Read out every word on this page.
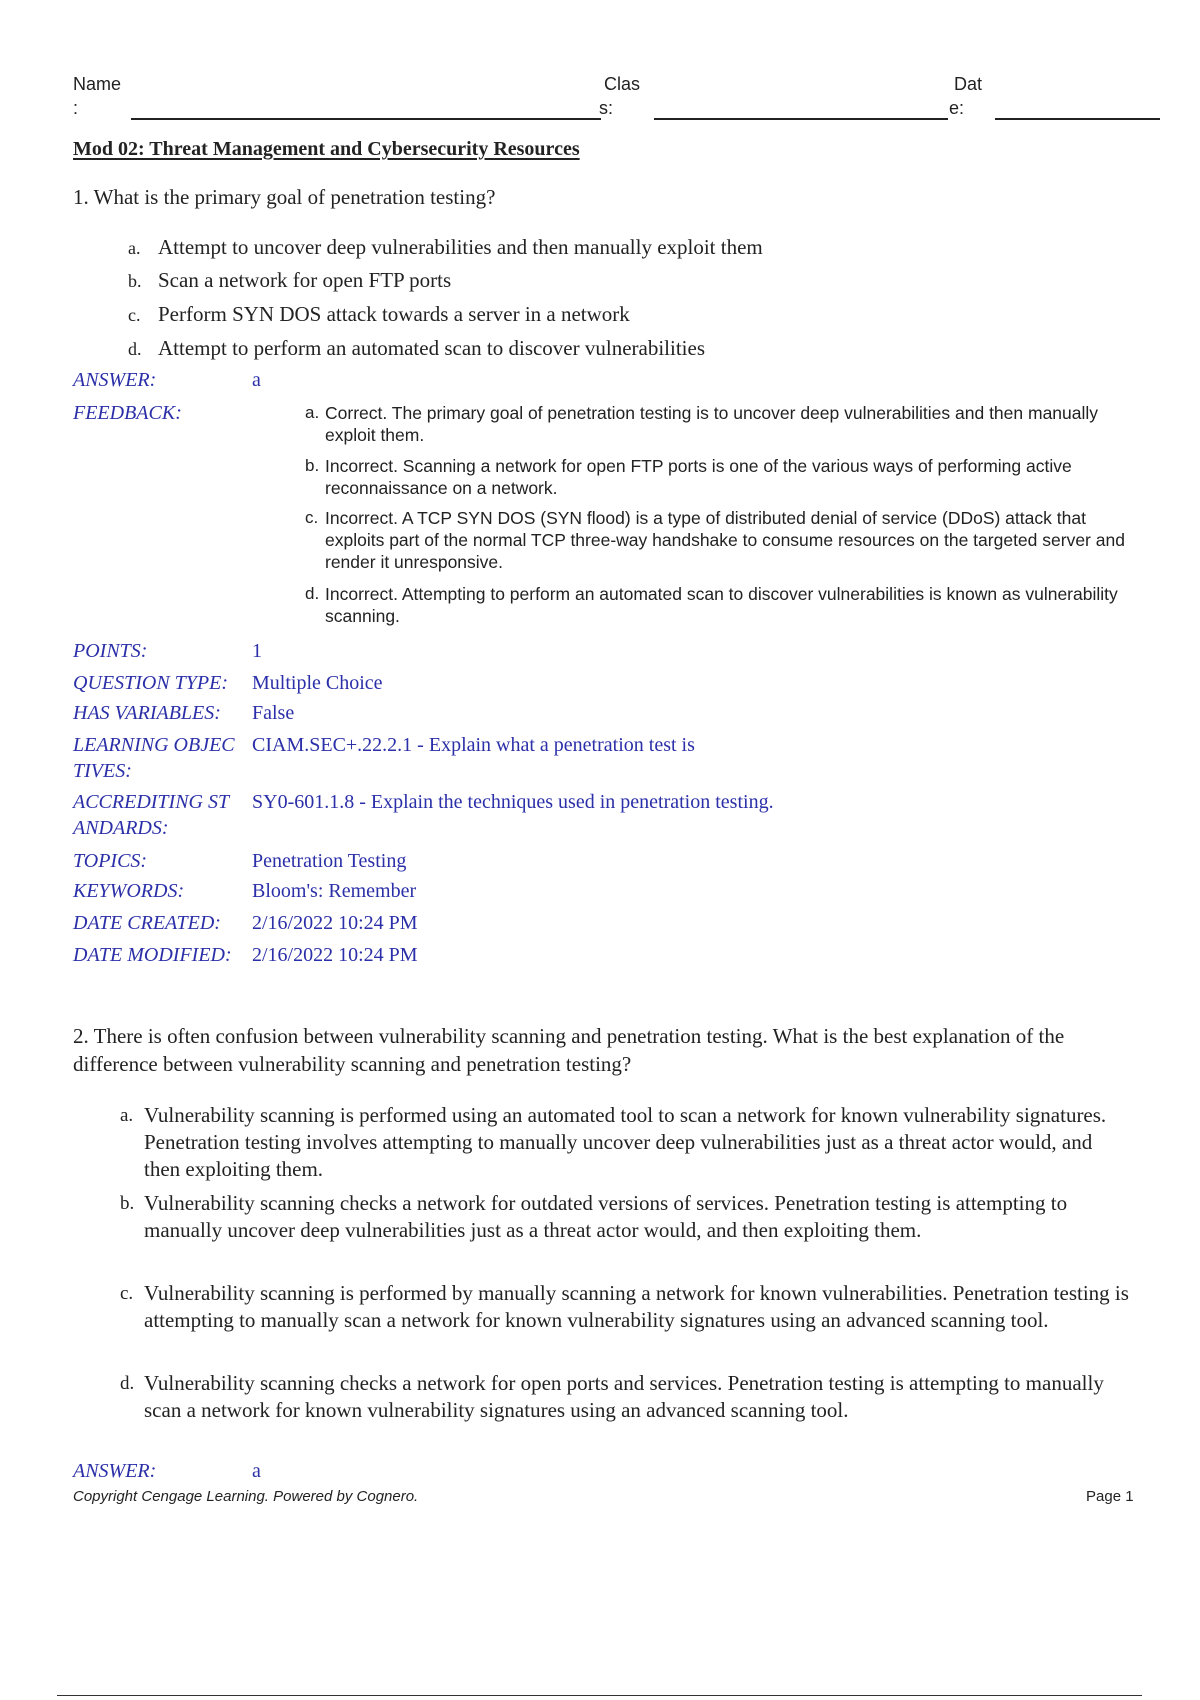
Name
:
Clas
s:
Dat
e:
Mod 02: Threat Management and Cybersecurity Resources
1. What is the primary goal of penetration testing?
a. Attempt to uncover deep vulnerabilities and then manually exploit them
b. Scan a network for open FTP ports
c. Perform SYN DOS attack towards a server in a network
d. Attempt to perform an automated scan to discover vulnerabilities
ANSWER:	a
FEEDBACK:	a. Correct. The primary goal of penetration testing is to uncover deep vulnerabilities and then manually exploit them.
b. Incorrect. Scanning a network for open FTP ports is one of the various ways of performing active reconnaissance on a network.
c. Incorrect. A TCP SYN DOS (SYN flood) is a type of distributed denial of service (DDoS) attack that exploits part of the normal TCP three-way handshake to consume resources on the targeted server and render it unresponsive.
d. Incorrect. Attempting to perform an automated scan to discover vulnerabilities is known as vulnerability scanning.
POINTS:	1
QUESTION TYPE: Multiple Choice
HAS VARIABLES: False
LEARNING OBJEC
TIVES:
CIAM.SEC+.22.2.1 - Explain what a penetration test is
ACCREDITING ST
ANDARDS:
SY0-601.1.8 - Explain the techniques used in penetration testing.
TOPICS:	Penetration Testing
KEYWORDS:	Bloom's: Remember
DATE CREATED: 2/16/2022 10:24 PM
DATE MODIFIED: 2/16/2022 10:24 PM
2. There is often confusion between vulnerability scanning and penetration testing. What is the best explanation of the difference between vulnerability scanning and penetration testing?
a. Vulnerability scanning is performed using an automated tool to scan a network for known vulnerability signatures. Penetration testing involves attempting to manually uncover deep vulnerabilities just as a threat actor would, and then exploiting them.
b. Vulnerability scanning checks a network for outdated versions of services. Penetration testing is attempting to manually uncover deep vulnerabilities just as a threat actor would, and then exploiting them.
c. Vulnerability scanning is performed by manually scanning a network for known vulnerabilities. Penetration testing is attempting to manually scan a network for known vulnerability signatures using an advanced scanning tool.
d. Vulnerability scanning checks a network for open ports and services. Penetration testing is attempting to manually scan a network for known vulnerability signatures using an advanced scanning tool.
ANSWER:	a
Copyright Cengage Learning. Powered by Cognero.	Page 1
